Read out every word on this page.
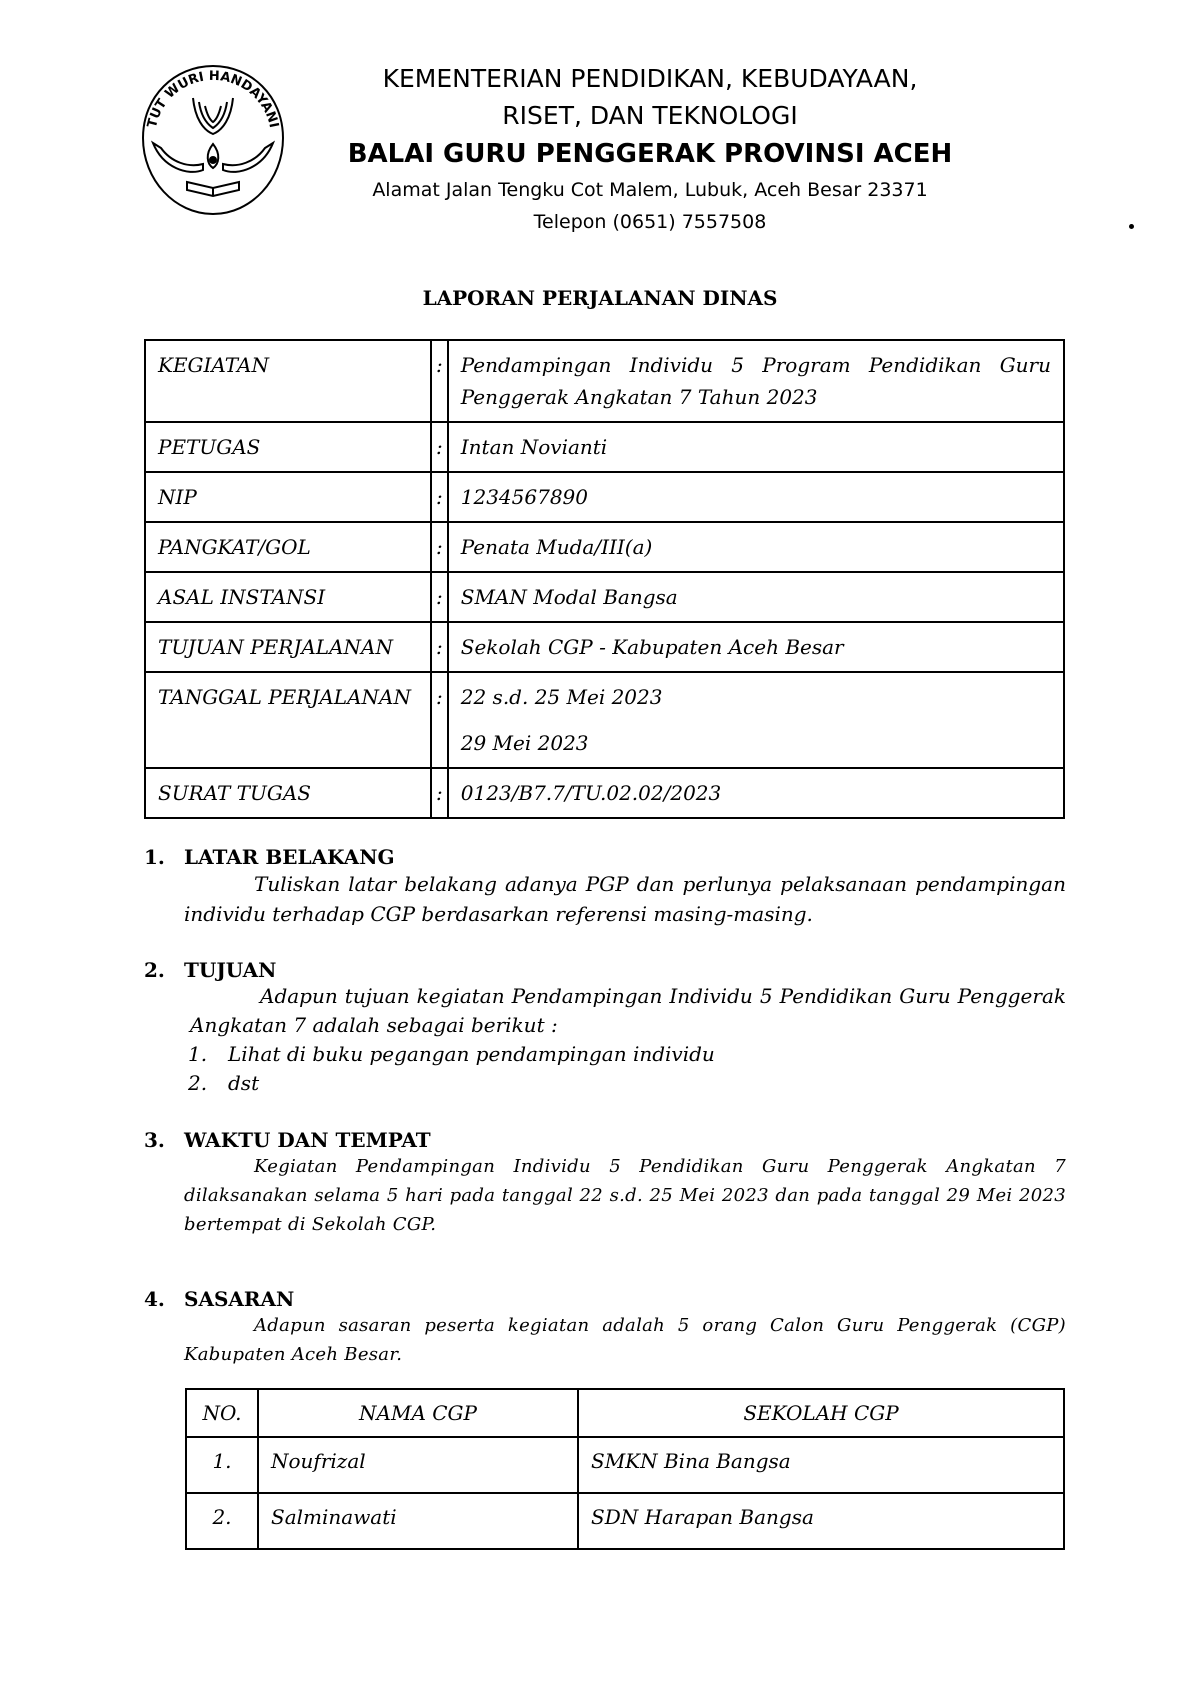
TUT WURI HANDAYANI
KEMENTERIAN PENDIDIKAN, KEBUDAYAAN,
RISET, DAN TEKNOLOGI
BALAI GURU PENGGERAK PROVINSI ACEH
Alamat Jalan Tengku Cot Malem, Lubuk, Aceh Besar 23371
Telepon (0651) 7557508
LAPORAN PERJALANAN DINAS
KEGIATAN	:	Pendampingan Individu 5 Program Pendidikan Guru Penggerak Angkatan 7 Tahun 2023
PETUGAS	:	Intan Novianti
NIP	:	1234567890
PANGKAT/GOL	:	Penata Muda/III(a)
ASAL INSTANSI	:	SMAN Modal Bangsa
TUJUAN PERJALANAN	:	Sekolah CGP - Kabupaten Aceh Besar
TANGGAL PERJALANAN	:	22 s.d. 25 Mei 2023
29 Mei 2023

SURAT TUGAS	:	0123/B7.7/TU.02.02/2023
1. LATAR BELAKANG
Tuliskan latar belakang adanya PGP dan perlunya pelaksanaan pendampingan individu terhadap CGP berdasarkan referensi masing-masing.
2. TUJUAN
Adapun tujuan kegiatan Pendampingan Individu 5 Pendidikan Guru Penggerak Angkatan 7 adalah sebagai berikut :
1.	Lihat di buku pegangan pendampingan individu
2.	dst
3. WAKTU DAN TEMPAT
Kegiatan Pendampingan Individu 5 Pendidikan Guru Penggerak Angkatan 7 dilaksanakan selama 5 hari pada tanggal 22 s.d. 25 Mei 2023 dan pada tanggal 29 Mei 2023 bertempat di Sekolah CGP.
4. SASARAN
Adapun sasaran peserta kegiatan adalah 5 orang Calon Guru Penggerak (CGP) Kabupaten Aceh Besar.
NO.	NAMA CGP	SEKOLAH CGP
1.	Noufrizal	SMKN Bina Bangsa
2.	Salminawati	SDN Harapan Bangsa
